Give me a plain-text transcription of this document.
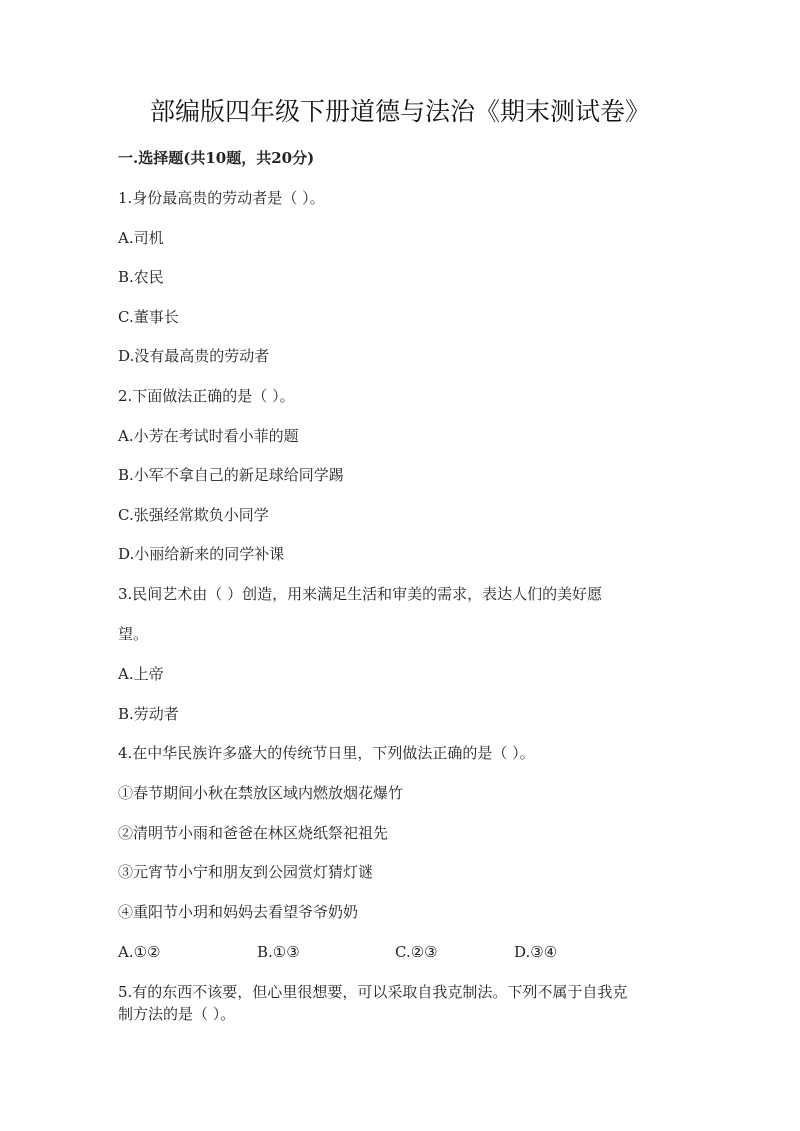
部编版四年级下册道德与法治《期末测试卷》
一.选择题(共10题，共20分)
1.身份最高贵的劳动者是（ ）。
A.司机
B.农民
C.董事长
D.没有最高贵的劳动者
2.下面做法正确的是（ ）。
A.小芳在考试时看小菲的题
B.小军不拿自己的新足球给同学踢
C.张强经常欺负小同学
D.小丽给新来的同学补课
3.民间艺术由（ ）创造，用来满足生活和审美的需求，表达人们的美好愿
望。
A.上帝
B.劳动者
4.在中华民族许多盛大的传统节日里，下列做法正确的是（ ）。
①春节期间小秋在禁放区域内燃放烟花爆竹
②清明节小雨和爸爸在林区烧纸祭祀祖先
③元宵节小宁和朋友到公园赏灯猜灯谜
④重阳节小玥和妈妈去看望爷爷奶奶
A.①②	B.①③	C.②③	D.③④
5.有的东西不该要，但心里很想要，可以采取自我克制法。下列不属于自我克
制方法的是（ ）。
